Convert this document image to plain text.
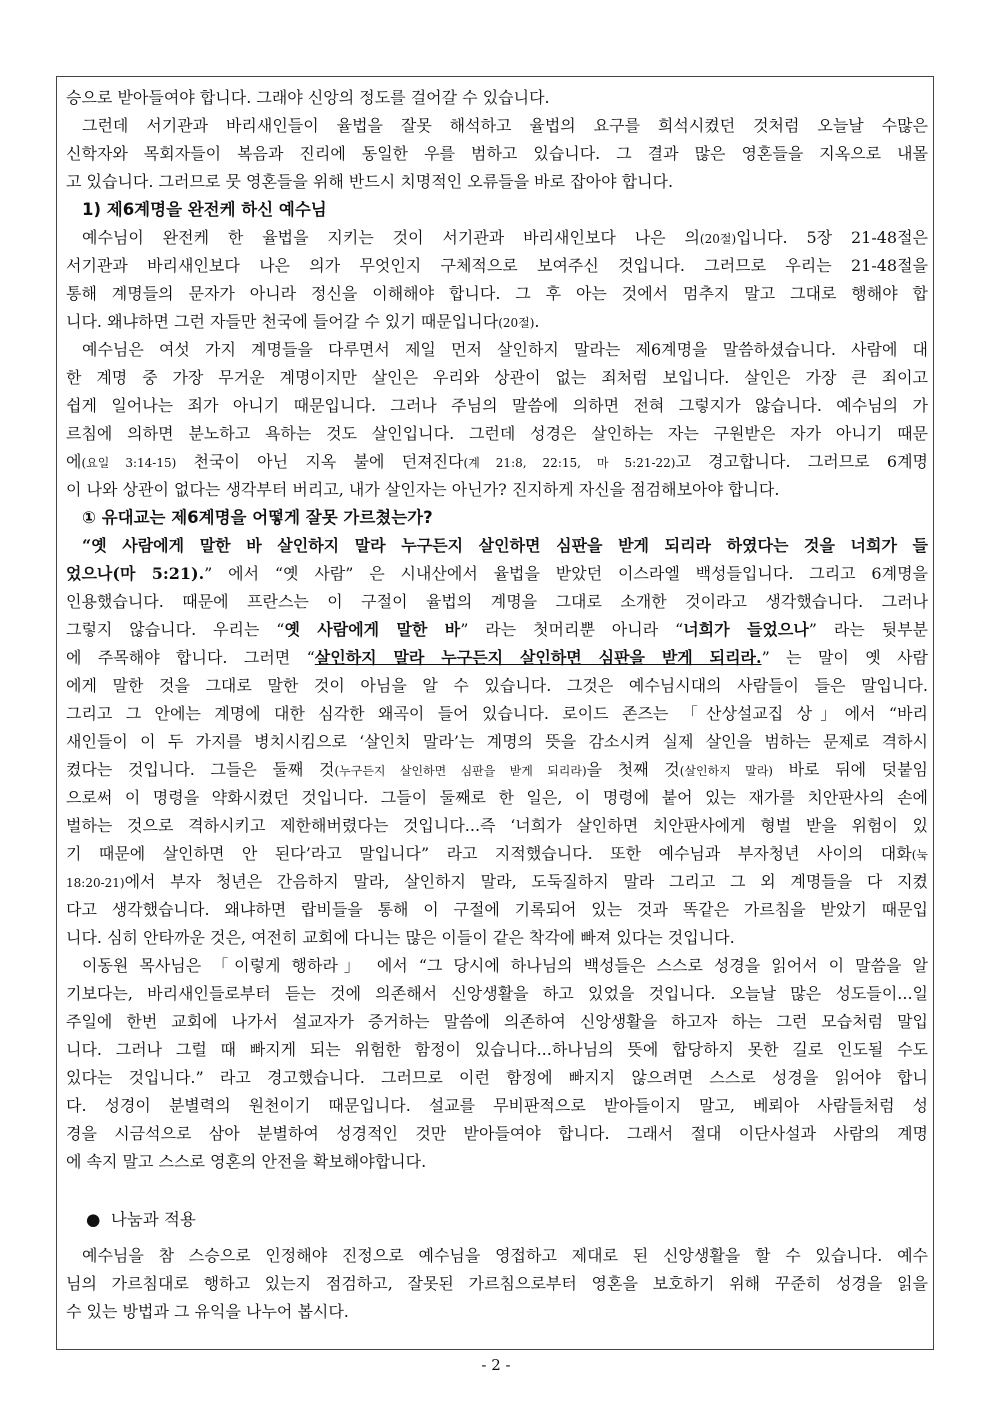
승으로 받아들여야 합니다. 그래야 신앙의 정도를 걸어갈 수 있습니다.
그런데 서기관과 바리새인들이 율법을 잘못 해석하고 율법의 요구를 희석시켰던 것처럼 오늘날 수많은
신학자와 목회자들이 복음과 진리에 동일한 우를 범하고 있습니다. 그 결과 많은 영혼들을 지옥으로 내몰
고 있습니다. 그러므로 뭇 영혼들을 위해 반드시 치명적인 오류들을 바로 잡아야 합니다.
1) 제6계명을 완전케 하신 예수님
예수님이 완전케 한 율법을 지키는 것이 서기관과 바리새인보다 나은 의(20절)입니다. 5장 21-48절은
서기관과 바리새인보다 나은 의가 무엇인지 구체적으로 보여주신 것입니다. 그러므로 우리는 21-48절을
통해 계명들의 문자가 아니라 정신을 이해해야 합니다. 그 후 아는 것에서 멈추지 말고 그대로 행해야 합
니다. 왜냐하면 그런 자들만 천국에 들어갈 수 있기 때문입니다(20절).
예수님은 여섯 가지 계명들을 다루면서 제일 먼저 살인하지 말라는 제6계명을 말씀하셨습니다. 사람에 대
한 계명 중 가장 무거운 계명이지만 살인은 우리와 상관이 없는 죄처럼 보입니다. 살인은 가장 큰 죄이고
쉽게 일어나는 죄가 아니기 때문입니다. 그러나 주님의 말씀에 의하면 전혀 그렇지가 않습니다. 예수님의 가
르침에 의하면 분노하고 욕하는 것도 살인입니다. 그런데 성경은 살인하는 자는 구원받은 자가 아니기 때문
에(요일 3:14-15) 천국이 아닌 지옥 불에 던져진다(계 21:8, 22:15, 마 5:21-22)고 경고합니다. 그러므로 6계명
이 나와 상관이 없다는 생각부터 버리고, 내가 살인자는 아닌가? 진지하게 자신을 점검해보아야 합니다.
① 유대교는 제6계명을 어떻게 잘못 가르쳤는가?
“옛 사람에게 말한 바 살인하지 말라 누구든지 살인하면 심판을 받게 되리라 하였다는 것을 너희가 들
었으나(마 5:21).” 에서 “옛 사람” 은 시내산에서 율법을 받았던 이스라엘 백성들입니다. 그리고 6계명을
인용했습니다. 때문에 프란스는 이 구절이 율법의 계명을 그대로 소개한 것이라고 생각했습니다. 그러나
그렇지 않습니다. 우리는 “옛 사람에게 말한 바” 라는 첫머리뿐 아니라 “너희가 들었으나” 라는 뒷부분
에 주목해야 합니다. 그러면 “살인하지 말라 누구든지 살인하면 심판을 받게 되리라.” 는 말이 옛 사람
에게 말한 것을 그대로 말한 것이 아님을 알 수 있습니다. 그것은 예수님시대의 사람들이 들은 말입니다.
그리고 그 안에는 계명에 대한 심각한 왜곡이 들어 있습니다. 로이드 존즈는 「산상설교집 상」에서 “바리
새인들이 이 두 가지를 병치시킴으로 ‘살인치 말라’는 계명의 뜻을 감소시켜 실제 살인을 범하는 문제로 격하시
켰다는 것입니다. 그들은 둘째 것(누구든지 살인하면 심판을 받게 되리라)을 첫째 것(살인하지 말라) 바로 뒤에 덧붙임
으로써 이 명령을 약화시켰던 것입니다. 그들이 둘째로 한 일은, 이 명령에 붙어 있는 재가를 치안판사의 손에
벌하는 것으로 격하시키고 제한해버렸다는 것입니다...즉 ‘너희가 살인하면 치안판사에게 형벌 받을 위험이 있
기 때문에 살인하면 안 된다’라고 말입니다” 라고 지적했습니다. 또한 예수님과 부자청년 사이의 대화(눅
18:20-21)에서 부자 청년은 간음하지 말라, 살인하지 말라, 도둑질하지 말라 그리고 그 외 계명들을 다 지켰
다고 생각했습니다. 왜냐하면 랍비들을 통해 이 구절에 기록되어 있는 것과 똑같은 가르침을 받았기 때문입
니다. 심히 안타까운 것은, 여전히 교회에 다니는 많은 이들이 같은 착각에 빠져 있다는 것입니다.
이동원 목사님은 「이렇게 행하라」 에서 “그 당시에 하나님의 백성들은 스스로 성경을 읽어서 이 말씀을 알
기보다는, 바리새인들로부터 듣는 것에 의존해서 신앙생활을 하고 있었을 것입니다. 오늘날 많은 성도들이...일
주일에 한번 교회에 나가서 설교자가 증거하는 말씀에 의존하여 신앙생활을 하고자 하는 그런 모습처럼 말입
니다. 그러나 그럴 때 빠지게 되는 위험한 함정이 있습니다...하나님의 뜻에 합당하지 못한 길로 인도될 수도
있다는 것입니다.” 라고 경고했습니다. 그러므로 이런 함정에 빠지지 않으려면 스스로 성경을 읽어야 합니
다. 성경이 분별력의 원천이기 때문입니다. 설교를 무비판적으로 받아들이지 말고, 베뢰아 사람들처럼 성
경을 시금석으로 삼아 분별하여 성경적인 것만 받아들여야 합니다. 그래서 절대 이단사설과 사람의 계명
에 속지 말고 스스로 영혼의 안전을 확보해야합니다.
● 나눔과 적용
예수님을 참 스승으로 인정해야 진정으로 예수님을 영접하고 제대로 된 신앙생활을 할 수 있습니다. 예수
님의 가르침대로 행하고 있는지 점검하고, 잘못된 가르침으로부터 영혼을 보호하기 위해 꾸준히 성경을 읽을
수 있는 방법과 그 유익을 나누어 봅시다.
- 2 -
